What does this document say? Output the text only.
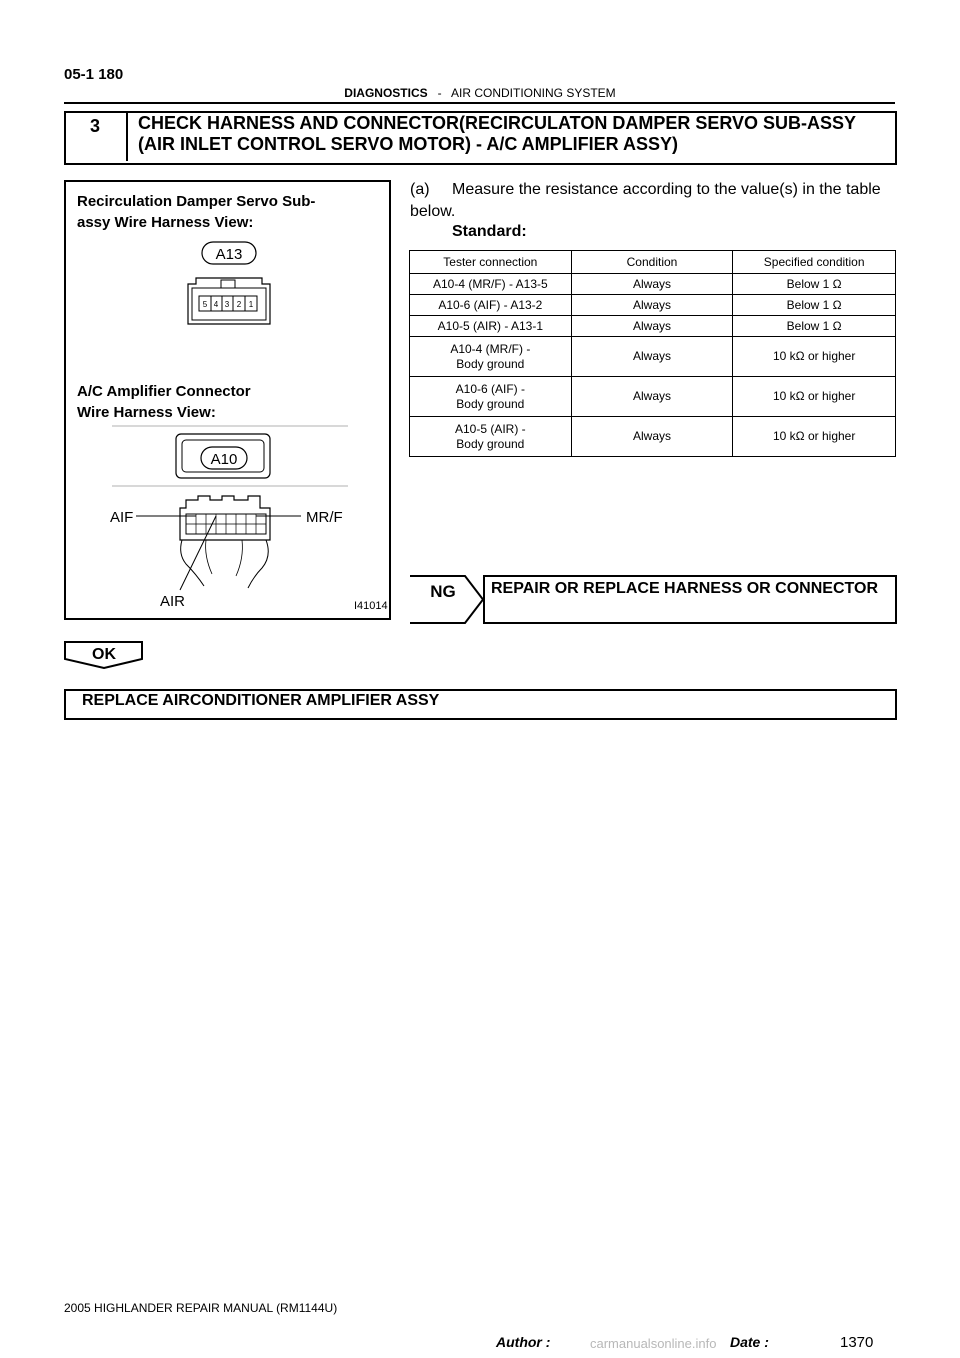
05-1 180
DIAGNOSTICS - AIR CONDITIONING SYSTEM
3	CHECK HARNESS AND CONNECTOR(RECIRCULATON DAMPER SERVO SUB-ASSY (AIR INLET CONTROL SERVO MOTOR) - A/C AMPLIFIER ASSY)
Recirculation Damper Servo Sub-
assy Wire Harness View:
A13
5 4 3 2 1
A/C Amplifier Connector
Wire Harness View:
A10
AIF	MR/F
AIR	I41014
(a) Measure the resistance according to the value(s) in the table below.
Standard:
Tester connection	Condition	Specified condition
A10-4 (MR/F) - A13-5	Always	Below 1 Ω
A10-6 (AIF) - A13-2	Always	Below 1 Ω
A10-5 (AIR) - A13-1	Always	Below 1 Ω
A10-4 (MR/F) -
Body ground	Always	10 kΩ or higher
A10-6 (AIF) -
Body ground	Always	10 kΩ or higher
A10-5 (AIR) -
Body ground	Always	10 kΩ or higher
NG REPAIR OR REPLACE HARNESS OR CONNECTOR
OK
REPLACE AIRCONDITIONER AMPLIFIER ASSY
2005 HIGHLANDER REPAIR MANUAL (RM1144U)
Author :	Date :	1370
carmanualsonline.info
